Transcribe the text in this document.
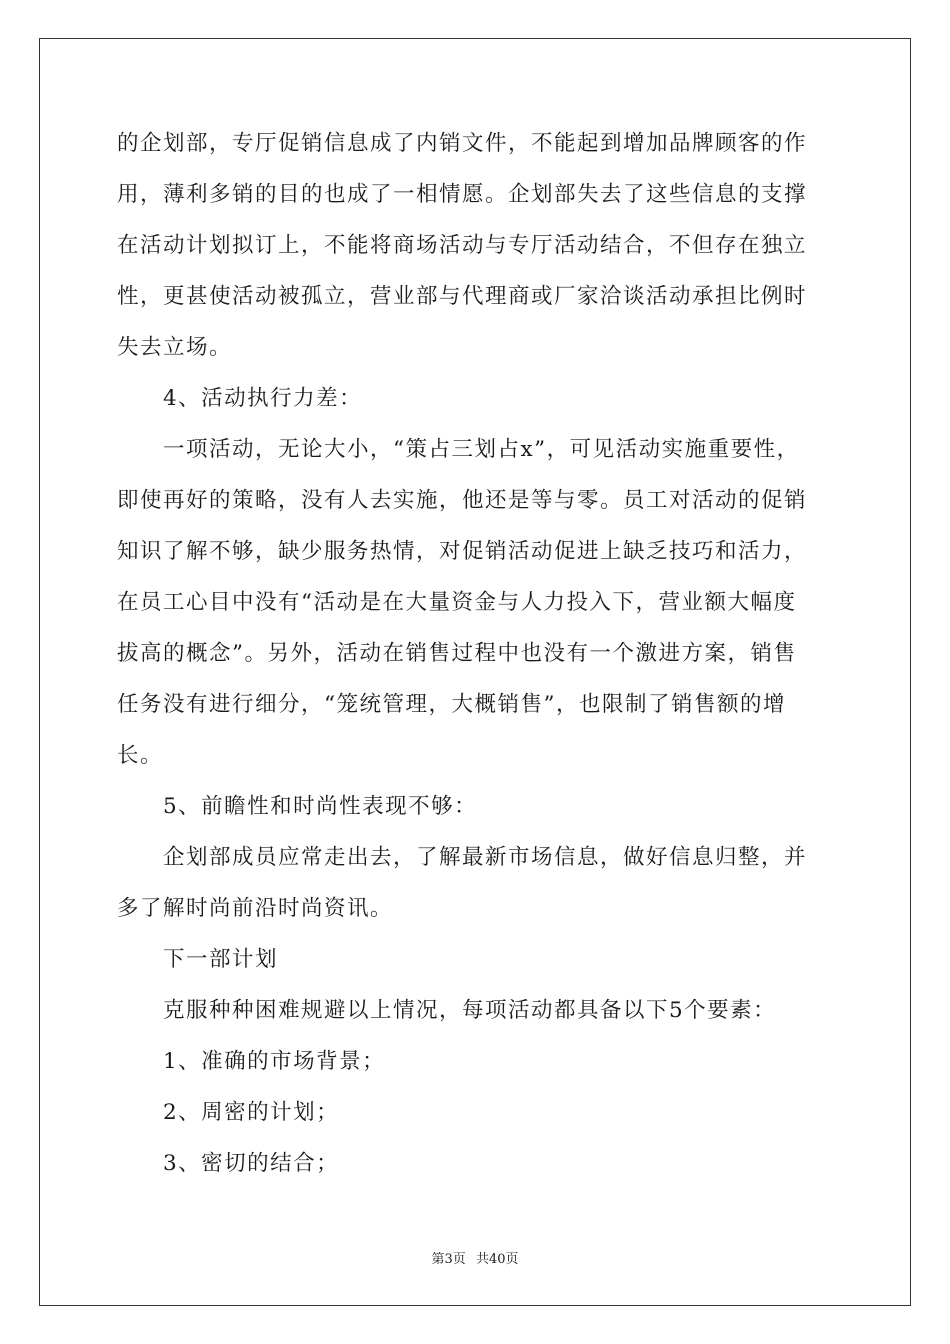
的企划部，专厅促销信息成了内销文件，不能起到增加品牌顾客的作
用，薄利多销的目的也成了一相情愿。企划部失去了这些信息的支撑
在活动计划拟订上，不能将商场活动与专厅活动结合，不但存在独立
性，更甚使活动被孤立，营业部与代理商或厂家洽谈活动承担比例时
失去立场。
4、活动执行力差：
一项活动，无论大小，“策占三划占x”，可见活动实施重要性，
即使再好的策略，没有人去实施，他还是等与零。员工对活动的促销
知识了解不够，缺少服务热情，对促销活动促进上缺乏技巧和活力，
在员工心目中没有“活动是在大量资金与人力投入下，营业额大幅度
拔高的概念”。另外，活动在销售过程中也没有一个激进方案，销售
任务没有进行细分，“笼统管理，大概销售”，也限制了销售额的增
长。
5、前瞻性和时尚性表现不够：
企划部成员应常走出去，了解最新市场信息，做好信息归整，并
多了解时尚前沿时尚资讯。
下一部计划
克服种种困难规避以上情况，每项活动都具备以下5个要素：
1、准确的市场背景；
2、周密的计划；
3、密切的结合；
第3页 共40页
